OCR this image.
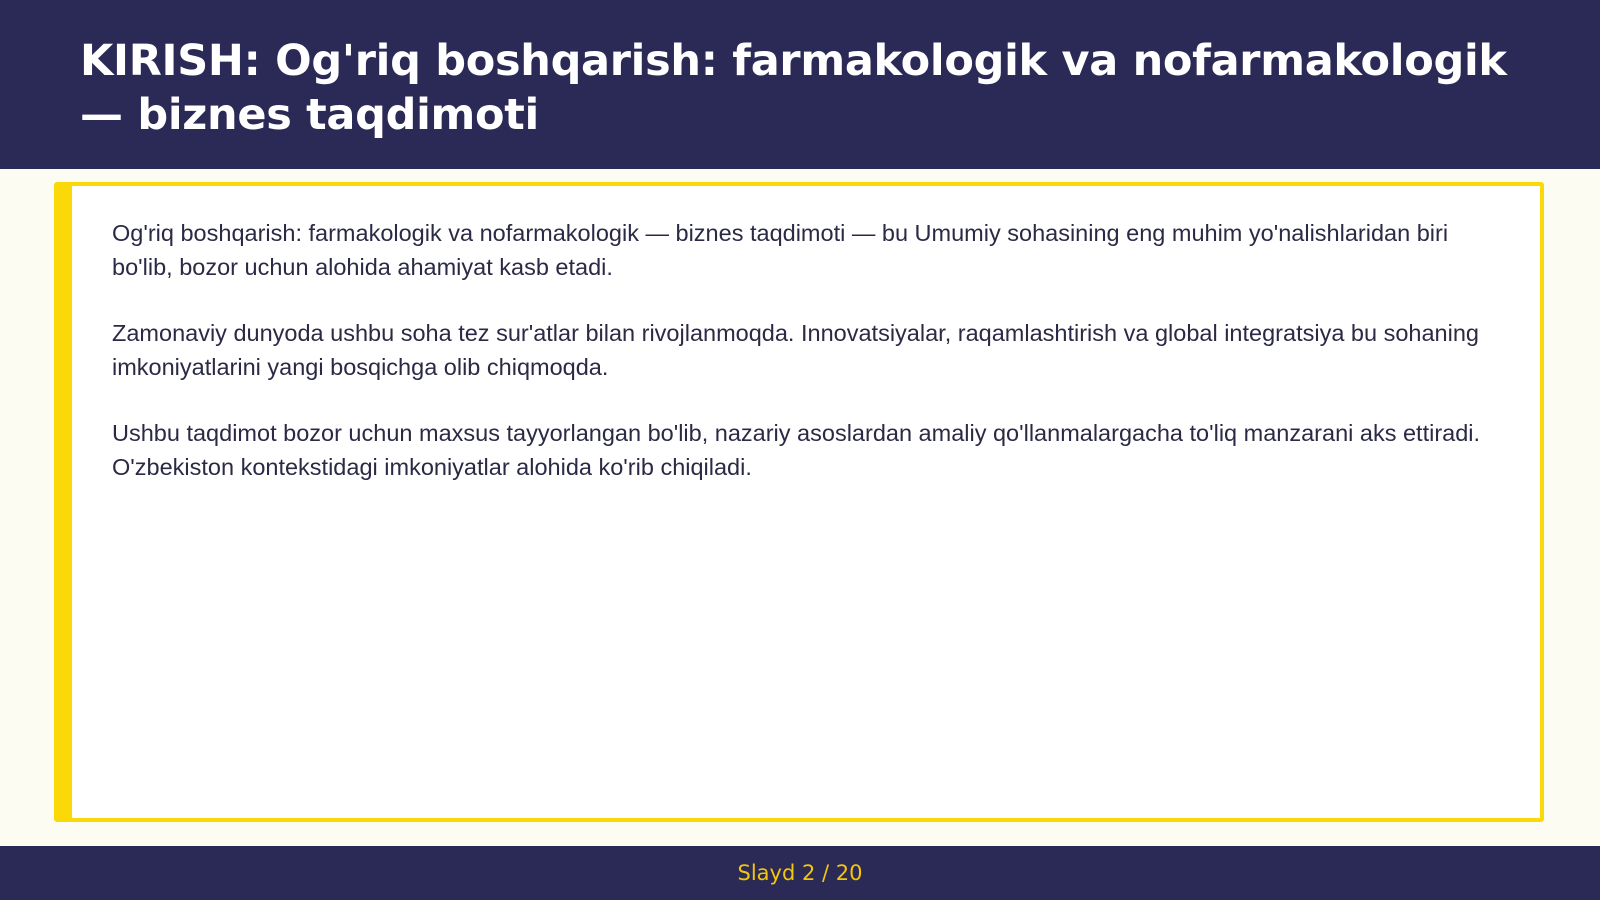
KIRISH: Og'riq boshqarish: farmakologik va nofarmakologik — biznes taqdimoti

Og'riq boshqarish: farmakologik va nofarmakologik — biznes taqdimoti — bu Umumiy sohasining eng muhim yo'nalishlaridan biri bo'lib, bozor uchun alohida ahamiyat kasb etadi.

Zamonaviy dunyoda ushbu soha tez sur'atlar bilan rivojlanmoqda. Innovatsiyalar, raqamlashtirish va global integratsiya bu sohaning imkoniyatlarini yangi bosqichga olib chiqmoqda.

Ushbu taqdimot bozor uchun maxsus tayyorlangan bo'lib, nazariy asoslardan amaliy qo'llanmalargacha to'liq manzarani aks ettiradi. O'zbekiston kontekstidagi imkoniyatlar alohida ko'rib chiqiladi.

Slayd 2 / 20
